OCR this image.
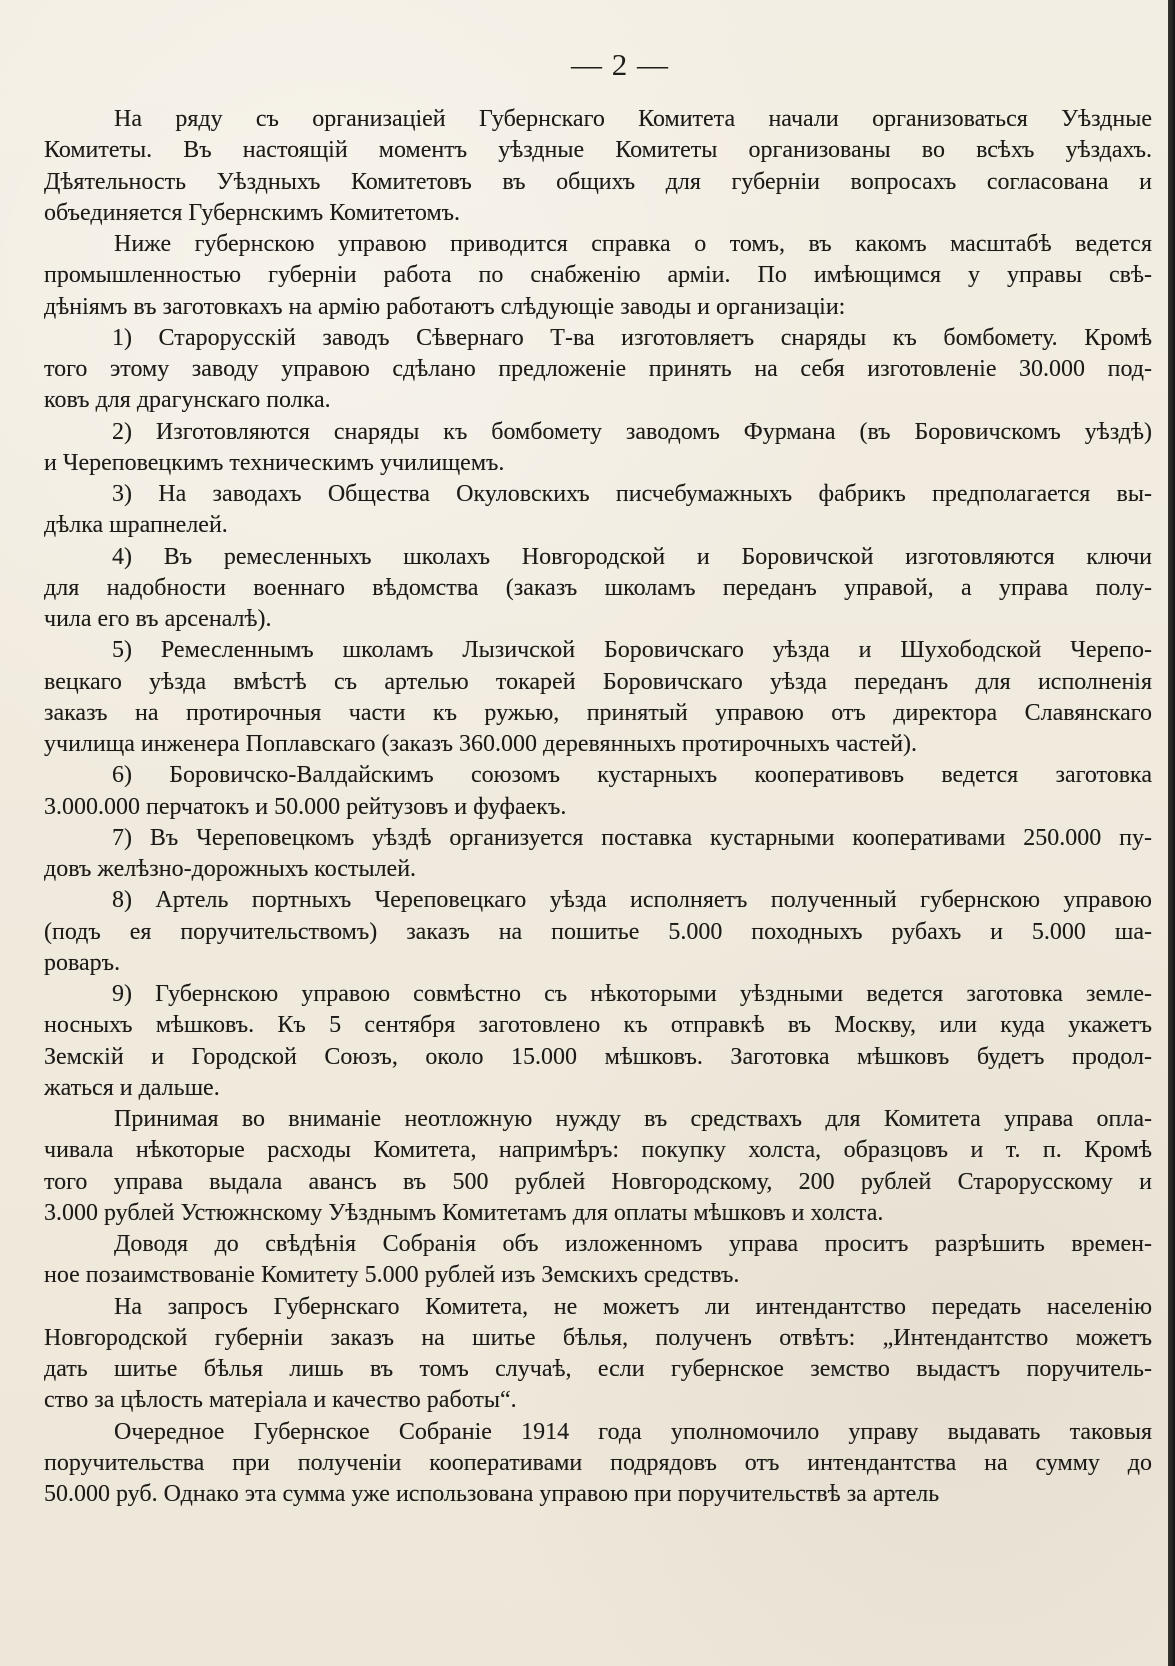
— 2 —
На ряду съ организаціей Губернскаго Комитета начали организоваться Уѣздные
Комитеты. Въ настоящій моментъ уѣздные Комитеты организованы во всѣхъ уѣздахъ.
Дѣятельность Уѣздныхъ Комитетовъ въ общихъ для губерніи вопросахъ согласована и
объединяется Губернскимъ Комитетомъ.
Ниже губернскою управою приводится справка о томъ, въ какомъ масштабѣ ведется
промышленностью губерніи работа по снабженію арміи. По имѣющимся у управы свѣ-
дѣніямъ въ заготовкахъ на армію работаютъ слѣдующіе заводы и организаціи:
1) Старорусскій заводъ Сѣвернаго Т-ва изготовляетъ снаряды къ бомбомету. Кромѣ
того этому заводу управою сдѣлано предложеніе принять на себя изготовленіе 30.000 под-
ковъ для драгунскаго полка.
2) Изготовляются снаряды къ бомбомету заводомъ Фурмана (въ Боровичскомъ уѣздѣ)
и Череповецкимъ техническимъ училищемъ.
3) На заводахъ Общества Окуловскихъ писчебумажныхъ фабрикъ предполагается вы-
дѣлка шрапнелей.
4) Въ ремесленныхъ школахъ Новгородской и Боровичской изготовляются ключи
для надобности военнаго вѣдомства (заказъ школамъ переданъ управой, а управа полу-
чила его въ арсеналѣ).
5) Ремесленнымъ школамъ Лызичской Боровичскаго уѣзда и Шухободской Черепо-
вецкаго уѣзда вмѣстѣ съ артелью токарей Боровичскаго уѣзда переданъ для исполненія
заказъ на протирочныя части къ ружью, принятый управою отъ директора Славянскаго
училища инженера Поплавскаго (заказъ 360.000 деревянныхъ протирочныхъ частей).
6) Боровичско-Валдайскимъ союзомъ кустарныхъ кооперативовъ ведется заготовка
3.000.000 перчатокъ и 50.000 рейтузовъ и фуфаекъ.
7) Въ Череповецкомъ уѣздѣ организуется поставка кустарными кооперативами 250.000 пу-
довъ желѣзно-дорожныхъ костылей.
8) Артель портныхъ Череповецкаго уѣзда исполняетъ полученный губернскою управою
(подъ ея поручительствомъ) заказъ на пошитье 5.000 походныхъ рубахъ и 5.000 ша-
роваръ.
9) Губернскою управою совмѣстно съ нѣкоторыми уѣздными ведется заготовка земле-
носныхъ мѣшковъ. Къ 5 сентября заготовлено къ отправкѣ въ Москву, или куда укажетъ
Земскій и Городской Союзъ, около 15.000 мѣшковъ. Заготовка мѣшковъ будетъ продол-
жаться и дальше.
Принимая во вниманіе неотложную нужду въ средствахъ для Комитета управа опла-
чивала нѣкоторые расходы Комитета, напримѣръ: покупку холста, образцовъ и т. п. Кромѣ
того управа выдала авансъ въ 500 рублей Новгородскому, 200 рублей Старорусскому и
3.000 рублей Устюжнскому Уѣзднымъ Комитетамъ для оплаты мѣшковъ и холста.
Доводя до свѣдѣнія Собранія объ изложенномъ управа проситъ разрѣшить времен-
ное позаимствованіе Комитету 5.000 рублей изъ Земскихъ средствъ.
На запросъ Губернскаго Комитета, не можетъ ли интендантство передать населенію
Новгородской губерніи заказъ на шитье бѣлья, полученъ отвѣтъ: „Интендантство можетъ
дать шитье бѣлья лишь въ томъ случаѣ, если губернское земство выдастъ поручитель-
ство за цѣлость матеріала и качество работы“.
Очередное Губернское Собраніе 1914 года уполномочило управу выдавать таковыя
поручительства при полученіи кооперативами подрядовъ отъ интендантства на сумму до
50.000 руб. Однако эта сумма уже использована управою при поручительствѣ за артель
